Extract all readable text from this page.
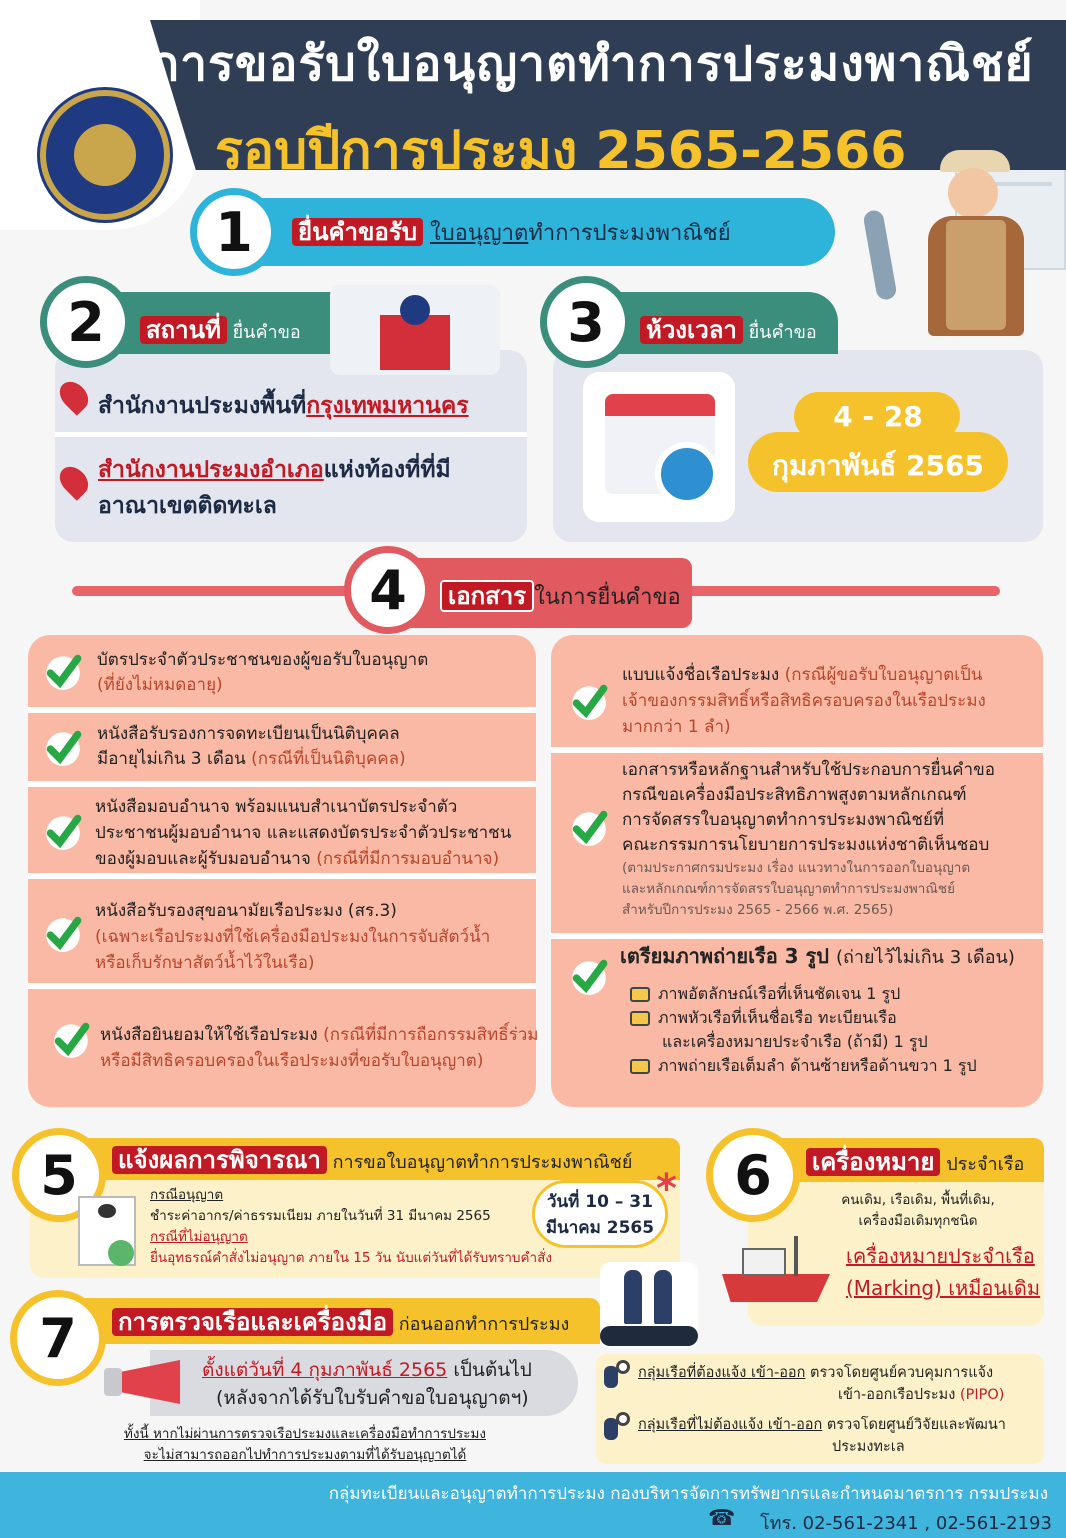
การขอรับใบอนุญาตทำการประมงพาณิชย์
รอบปีการประมง 2565-2566
1 ยื่นคำขอรับ ใบอนุญาตทำการประมงพาณิชย์
2 สถานที่ ยื่นคำขอ
สำนักงานประมงพื้นที่กรุงเทพมหานคร
สำนักงานประมงอำเภอแห่งท้องที่ที่มี
อาณาเขตติดทะเล
3 ห้วงเวลา ยื่นคำขอ
4 - 28
กุมภาพันธ์ 2565
4	เอกสาร ในการยื่นคำขอ
บัตรประจำตัวประชาชนของผู้ขอรับใบอนุญาต
(ที่ยังไม่หมดอายุ)
หนังสือรับรองการจดทะเบียนเป็นนิติบุคคล
มีอายุไม่เกิน 3 เดือน (กรณีที่เป็นนิติบุคคล)
หนังสือมอบอำนาจ พร้อมแนบสำเนาบัตรประจำตัว
ประชาชนผู้มอบอำนาจ และแสดงบัตรประจำตัวประชาชน
ของผู้มอบและผู้รับมอบอำนาจ (กรณีที่มีการมอบอำนาจ)
หนังสือรับรองสุขอนามัยเรือประมง (สร.3)
(เฉพาะเรือประมงที่ใช้เครื่องมือประมงในการจับสัตว์น้ำ
หรือเก็บรักษาสัตว์น้ำไว้ในเรือ)
หนังสือยินยอมให้ใช้เรือประมง (กรณีที่มีการถือกรรมสิทธิ์ร่วม
หรือมีสิทธิครอบครองในเรือประมงที่ขอรับใบอนุญาต)
แบบแจ้งชื่อเรือประมง (กรณีผู้ขอรับใบอนุญาตเป็น
เจ้าของกรรมสิทธิ์หรือสิทธิครอบครองในเรือประมง
มากกว่า 1 ลำ)
เอกสารหรือหลักฐานสำหรับใช้ประกอบการยื่นคำขอ
กรณีขอเครื่องมือประสิทธิภาพสูงตามหลักเกณฑ์
การจัดสรรใบอนุญาตทำการประมงพาณิชย์ที่
คณะกรรมการนโยบายการประมงแห่งชาติเห็นชอบ
(ตามประกาศกรมประมง เรื่อง แนวทางในการออกใบอนุญาต
และหลักเกณฑ์การจัดสรรใบอนุญาตทำการประมงพาณิชย์
สำหรับปีการประมง 2565 - 2566 พ.ศ. 2565)
เตรียมภาพถ่ายเรือ 3 รูป (ถ่ายไว้ไม่เกิน 3 เดือน)
ภาพอัตลักษณ์เรือที่เห็นชัดเจน 1 รูป
ภาพหัวเรือที่เห็นชื่อเรือ ทะเบียนเรือ
และเครื่องหมายประจำเรือ (ถ้ามี) 1 รูป
ภาพถ่ายเรือเต็มลำ ด้านซ้ายหรือด้านขวา 1 รูป
5 แจ้งผลการพิจารณา การขอใบอนุญาตทำการประมงพาณิชย์
กรณีอนุญาต
ชำระค่าอากร/ค่าธรรมเนียม ภายในวันที่ 31 มีนาคม 2565
กรณีที่ไม่อนุญาต
ยื่นอุทธรณ์คำสั่งไม่อนุญาต ภายใน 15 วัน นับแต่วันที่ได้รับทราบคำสั่ง
วันที่ 10 – 31
มีนาคม 2565
* 6 เครื่องหมาย ประจำเรือ
คนเดิม, เรือเดิม, พื้นที่เดิม,
เครื่องมือเดิมทุกชนิด
เครื่องหมายประจำเรือ
(Marking) เหมือนเดิม
7 การตรวจเรือและเครื่องมือ ก่อนออกทำการประมง
ตั้งแต่วันที่ 4 กุมภาพันธ์ 2565 เป็นต้นไป
(หลังจากได้รับใบรับคำขอใบอนุญาตฯ)
ทั้งนี้ หากไม่ผ่านการตรวจเรือประมงและเครื่องมือทำการประมง
จะไม่สามารถออกไปทำการประมงตามที่ได้รับอนุญาตได้
กลุ่มเรือที่ต้องแจ้ง เข้า-ออก ตรวจโดยศูนย์ควบคุมการแจ้ง
เข้า-ออกเรือประมง (PIPO)
กลุ่มเรือที่ไม่ต้องแจ้ง เข้า-ออก ตรวจโดยศูนย์วิจัยและพัฒนา
ประมงทะเล
กลุ่มทะเบียนและอนุญาตทำการประมง กองบริหารจัดการทรัพยากรและกำหนดมาตรการ กรมประมง
☎ โทร. 02-561-2341 , 02-561-2193
